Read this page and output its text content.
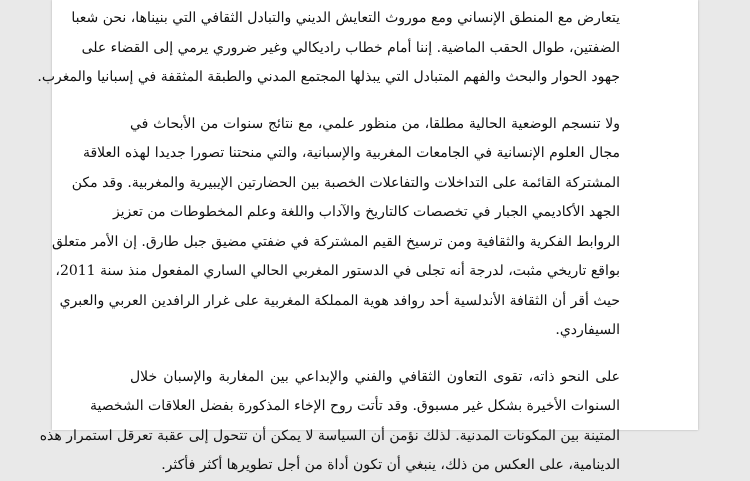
يتعارض مع المنطق الإنساني ومع موروث التعايش الديني والتبادل الثقافي التي بنيناها، نحن شعبا
الضفتين، طوال الحقب الماضية. إننا أمام خطاب راديكالي وغير ضروري يرمي إلى القضاء على
جهود الحوار والبحث والفهم المتبادل التي يبذلها المجتمع المدني والطبقة المثقفة في إسبانيا والمغرب.
ولا تنسجم الوضعية الحالية مطلقا، من منظور علمي، مع نتائج سنوات من الأبحاث في
مجال العلوم الإنسانية في الجامعات المغربية والإسبانية، والتي منحتنا تصورا جديدا لهذه العلاقة
المشتركة القائمة على التداخلات والتفاعلات الخصبة بين الحضارتين الإيبيرية والمغربية. وقد مكن
الجهد الأكاديمي الجبار في تخصصات كالتاريخ والآداب واللغة وعلم المخطوطات من تعزيز
الروابط الفكرية والثقافية ومن ترسيخ القيم المشتركة في ضفتي مضيق جبل طارق. إن الأمر متعلق
بواقع تاريخي مثبت، لدرجة أنه تجلى في الدستور المغربي الحالي الساري المفعول منذ سنة 2011،
حيث أقر أن الثقافة الأندلسية أحد روافد هوية المملكة المغربية على غرار الرافدين العربي والعبري
السيفاردي.
على النحو ذاته، تقوى التعاون الثقافي والفني والإبداعي بين المغاربة والإسبان خلال
السنوات الأخيرة بشكل غير مسبوق. وقد تأتت روح الإخاء المذكورة بفضل العلاقات الشخصية
المتينة بين المكونات المدنية. لذلك نؤمن أن السياسة لا يمكن أن تتحول إلى عقبة تعرقل استمرار هذه
الدينامية، على العكس من ذلك، ينبغي أن تكون أداة من أجل تطويرها أكثر فأكثر.
